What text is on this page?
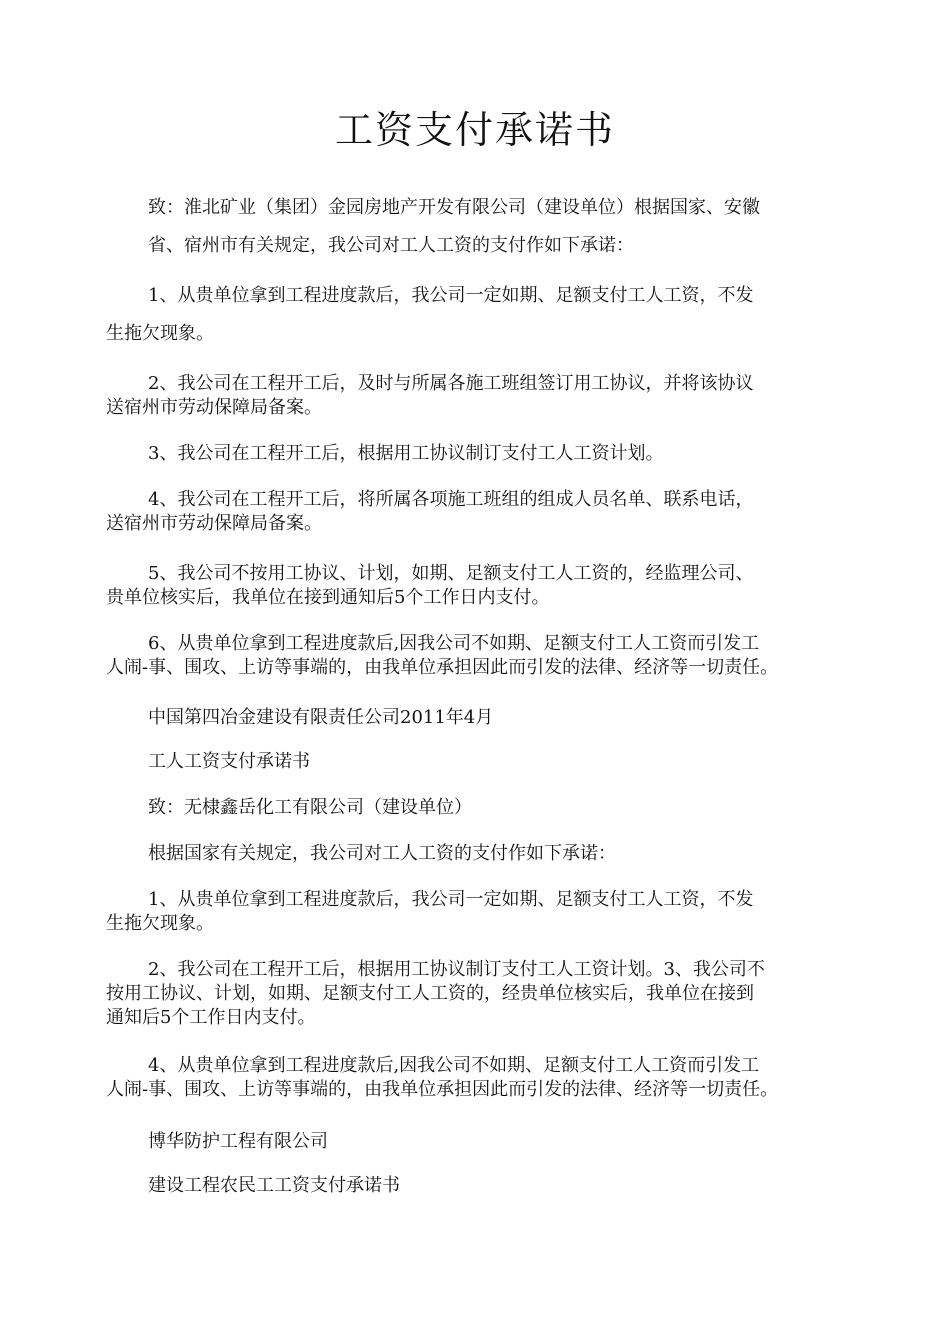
工资支付承诺书
致：淮北矿业（集团）金园房地产开发有限公司（建设单位）根据国家、安徽
省、宿州市有关规定，我公司对工人工资的支付作如下承诺：
1、从贵单位拿到工程进度款后，我公司一定如期、足额支付工人工资，不发
生拖欠现象。
2、我公司在工程开工后，及时与所属各施工班组签订用工协议，并将该协议
送宿州市劳动保障局备案。
3、我公司在工程开工后，根据用工协议制订支付工人工资计划。
4、我公司在工程开工后，将所属各项施工班组的组成人员名单、联系电话，
送宿州市劳动保障局备案。
5、我公司不按用工协议、计划，如期、足额支付工人工资的，经监理公司、
贵单位核实后，我单位在接到通知后5个工作日内支付。
6、从贵单位拿到工程进度款后,因我公司不如期、足额支付工人工资而引发工
人闹-事、围攻、上访等事端的，由我单位承担因此而引发的法律、经济等一切责任。
中国第四冶金建设有限责任公司2011年4月
工人工资支付承诺书
致：无棣鑫岳化工有限公司（建设单位）
根据国家有关规定，我公司对工人工资的支付作如下承诺：
1、从贵单位拿到工程进度款后，我公司一定如期、足额支付工人工资，不发
生拖欠现象。
2、我公司在工程开工后，根据用工协议制订支付工人工资计划。3、我公司不
按用工协议、计划，如期、足额支付工人工资的，经贵单位核实后，我单位在接到
通知后5个工作日内支付。
4、从贵单位拿到工程进度款后,因我公司不如期、足额支付工人工资而引发工
人闹-事、围攻、上访等事端的，由我单位承担因此而引发的法律、经济等一切责任。
博华防护工程有限公司
建设工程农民工工资支付承诺书
